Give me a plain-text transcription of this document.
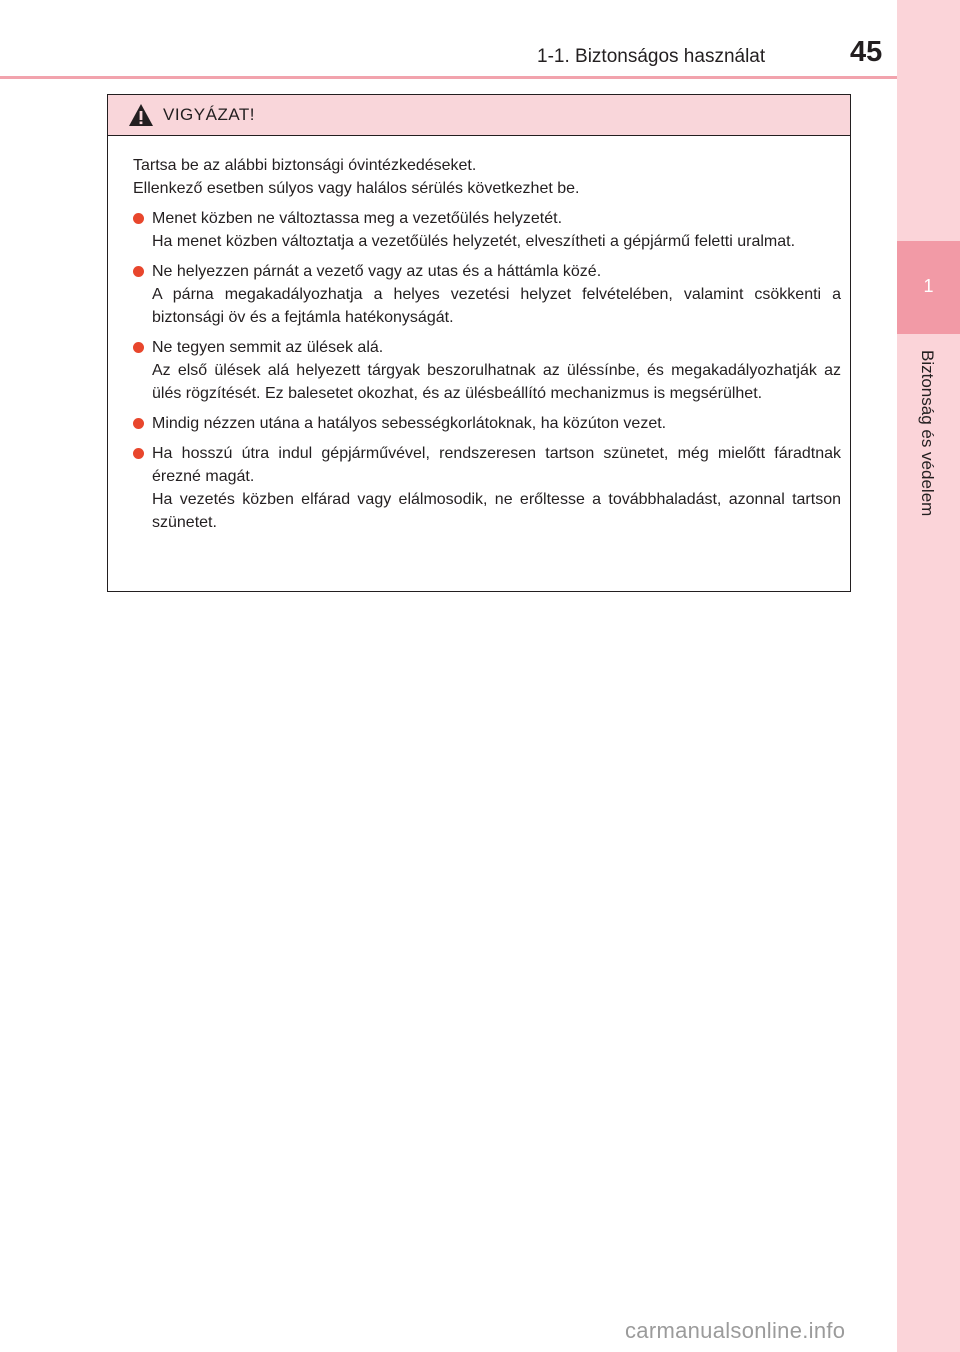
1-1. Biztonságos használat	45
1
Biztonság és védelem
VIGYÁZAT!

Tartsa be az alábbi biztonsági óvintézkedéseket.
Ellenkező esetben súlyos vagy halálos sérülés következhet be.

Menet közben ne változtassa meg a vezetőülés helyzetét.

Ha menet közben változtatja a vezetőülés helyzetét, elveszítheti a gépjármű feletti uralmat.

Ne helyezzen párnát a vezető vagy az utas és a háttámla közé.

A párna megakadályozhatja a helyes vezetési helyzet felvételében, valamint csökkenti a biztonsági öv és a fejtámla hatékonyságát.

Ne tegyen semmit az ülések alá.

Az első ülések alá helyezett tárgyak beszorulhatnak az üléssínbe, és megakadályozhatják az ülés rögzítését. Ez balesetet okozhat, és az ülésbeállító mechanizmus is megsérülhet.

Mindig nézzen utána a hatályos sebességkorlátoknak, ha közúton vezet.

Ha hosszú útra indul gépjárművével, rendszeresen tartson szünetet, még mielőtt fáradtnak érezné magát.

Ha vezetés közben elfárad vagy elálmosodik, ne erőltesse a továbbhaladást, azonnal tartson szünetet.

carmanualsonline.info
